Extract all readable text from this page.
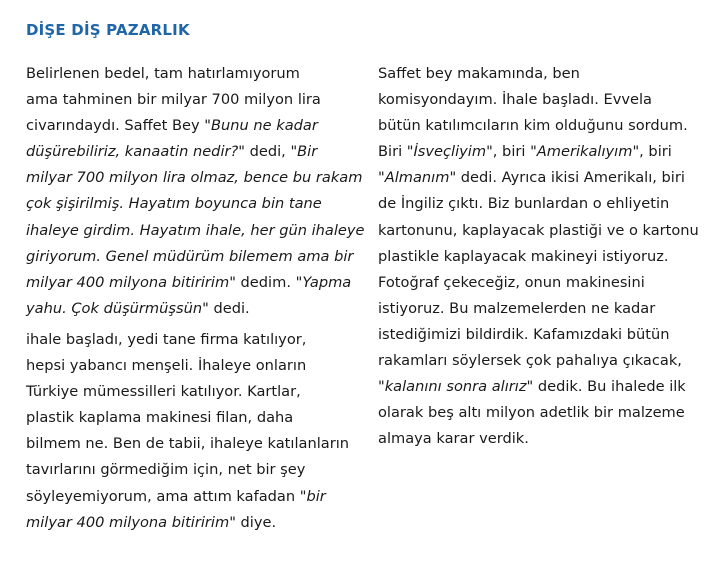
DİŞE DİŞ PAZARLIK

Belirlenen bedel, tam hatırlamıyorum
ama tahminen bir milyar 700 milyon lira
civarındaydı. Saffet Bey "Bunu ne kadar
düşürebiliriz, kanaatin nedir?" dedi, "Bir
milyar 700 milyon lira olmaz, bence bu rakam
çok şişirilmiş. Hayatım boyunca bin tane
ihaleye girdim. Hayatım ihale, her gün ihaleye
giriyorum. Genel müdürüm bilemem ama bir
milyar 400 milyona bitiririm" dedim. "Yapma
yahu. Çok düşürmüşsün" dedi.

ihale başladı, yedi tane firma katılıyor,
hepsi yabancı menşeli. İhaleye onların
Türkiye mümessilleri katılıyor. Kartlar,
plastik kaplama makinesi filan, daha
bilmem ne. Ben de tabii, ihaleye katılanların
tavırlarını görmediğim için, net bir şey
söyleyemiyorum, ama attım kafadan "bir
milyar 400 milyona bitiririm" diye.

Saffet bey makamında, ben
komisyondayım. İhale başladı. Evvela
bütün katılımcıların kim olduğunu sordum.
Biri "İsveçliyim", biri "Amerikalıyım", biri
"Almanım" dedi. Ayrıca ikisi Amerikalı, biri
de İngiliz çıktı. Biz bunlardan o ehliyetin
kartonunu, kaplayacak plastiği ve o kartonu
plastikle kaplayacak makineyi istiyoruz.
Fotoğraf çekeceğiz, onun makinesini
istiyoruz. Bu malzemelerden ne kadar
istediğimizi bildirdik. Kafamızdaki bütün
rakamları söylersek çok pahalıya çıkacak,
"kalanını sonra alırız" dedik. Bu ihalede ilk
olarak beş altı milyon adetlik bir malzeme
almaya karar verdik.
